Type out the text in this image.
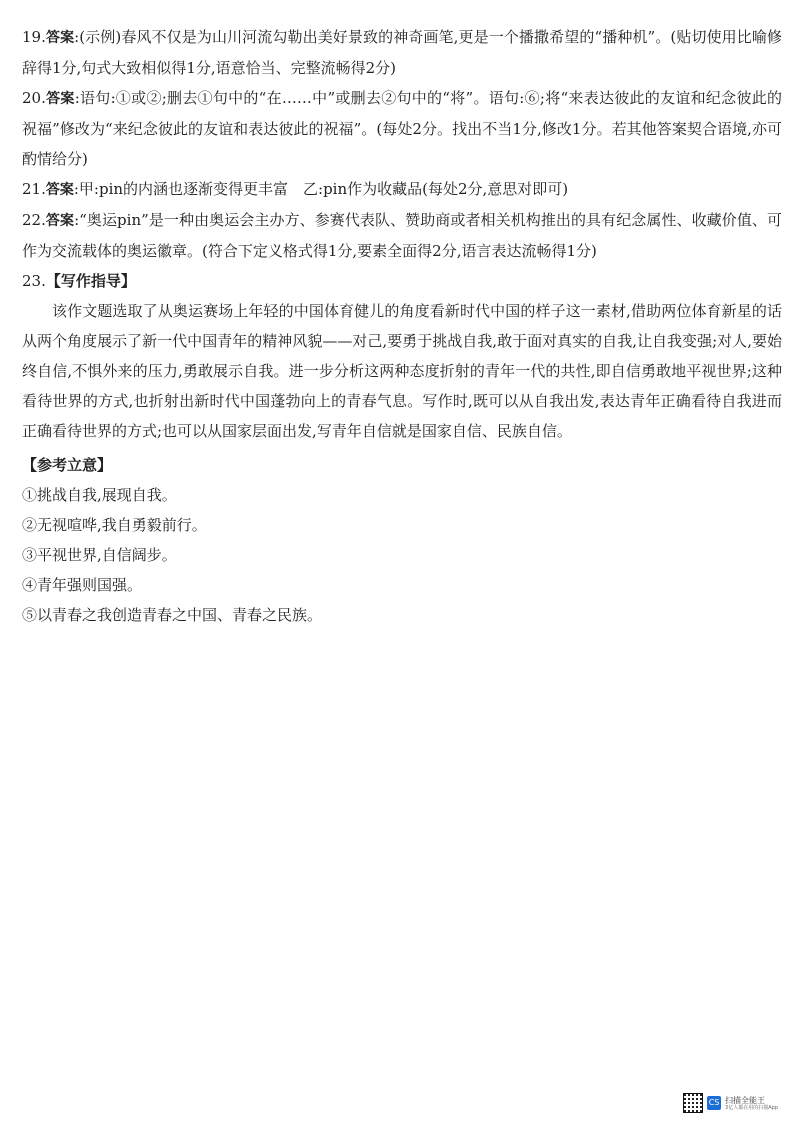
19.答案:(示例)春风不仅是为山川河流勾勒出美好景致的神奇画笔,更是一个播撒希望的“播种机”。(贴切使用比喻修辞得1分,句式大致相似得1分,语意恰当、完整流畅得2分)
20.答案:语句:①或②;删去①句中的“在……中”或删去②句中的“将”。语句:⑥;将“来表达彼此的友谊和纪念彼此的祝福”修改为“来纪念彼此的友谊和表达彼此的祝福”。(每处2分。找出不当1分,修改1分。若其他答案契合语境,亦可酌情给分)
21.答案:甲:pin的内涵也逐渐变得更丰富　乙:pin作为收藏品(每处2分,意思对即可)
22.答案:“奥运pin”是一种由奥运会主办方、参赛代表队、赞助商或者相关机构推出的具有纪念属性、收藏价值、可作为交流载体的奥运徽章。(符合下定义格式得1分,要素全面得2分,语言表达流畅得1分)
23.【写作指导】
该作文题选取了从奥运赛场上年轻的中国体育健儿的角度看新时代中国的样子这一素材,借助两位体育新星的话从两个角度展示了新一代中国青年的精神风貌——对己,要勇于挑战自我,敢于面对真实的自我,让自我变强;对人,要始终自信,不惧外来的压力,勇敢展示自我。进一步分析这两种态度折射的青年一代的共性,即自信勇敢地平视世界;这种看待世界的方式,也折射出新时代中国蓬勃向上的青春气息。写作时,既可以从自我出发,表达青年正确看待自我进而正确看待世界的方式;也可以从国家层面出发,写青年自信就是国家自信、民族自信。
【参考立意】
①挑战自我,展现自我。
②无视喧哗,我自勇毅前行。
③平视世界,自信阔步。
④青年强则国强。
⑤以青春之我创造青春之中国、青春之民族。
CS 扫描全能王
3亿人都在用的扫描App
